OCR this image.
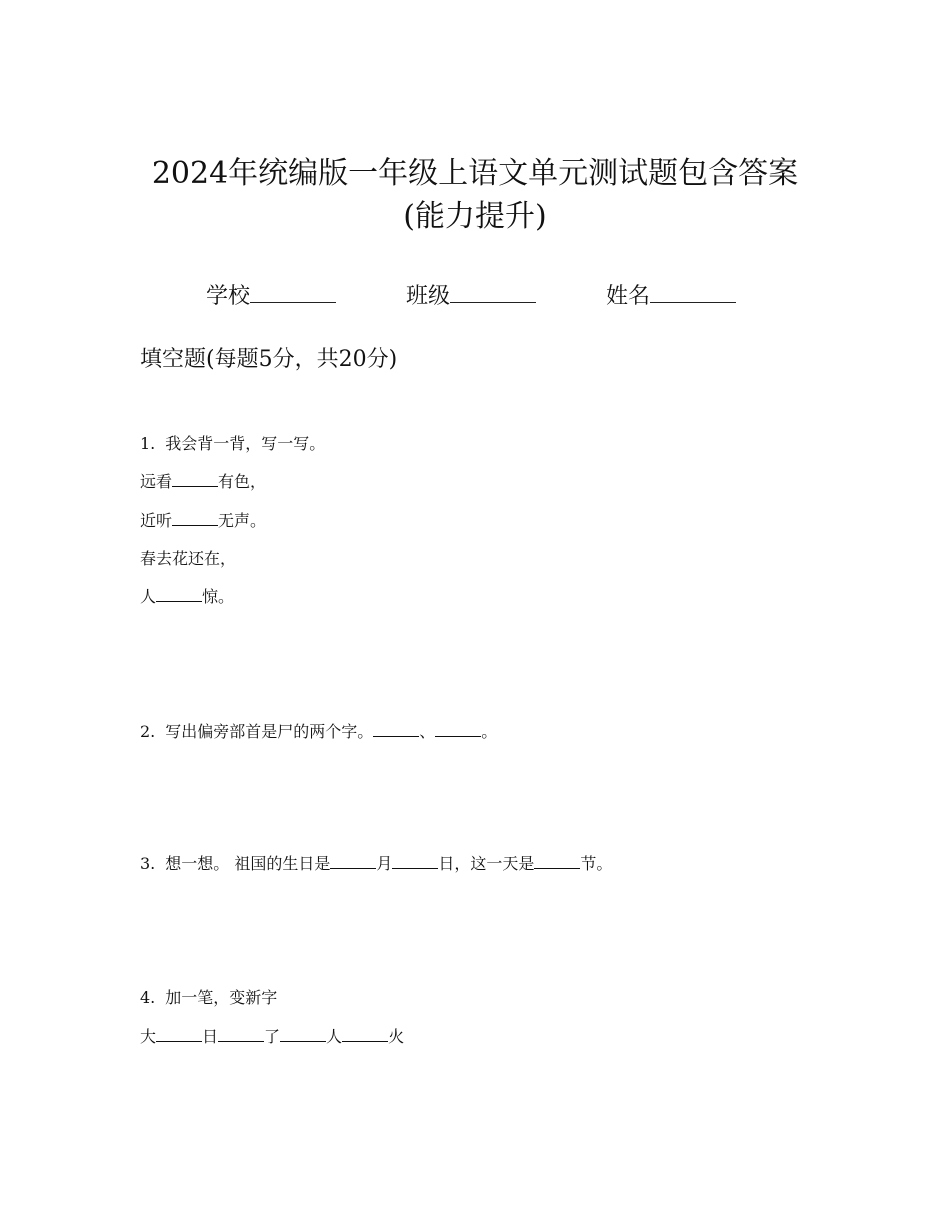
2024年统编版一年级上语文单元测试题包含答案
(能力提升)
学校	班级	姓名
填空题(每题5分，共20分)
1. 我会背一背，写一写。
远看	有色，
近听	无声。
春去花还在，
人	惊。
2. 写出偏旁部首是尸的两个字。	、	。
3. 想一想。 祖国的生日是	月	日，这一天是	节。
4. 加一笔，变新字
大	日	了	人	火
